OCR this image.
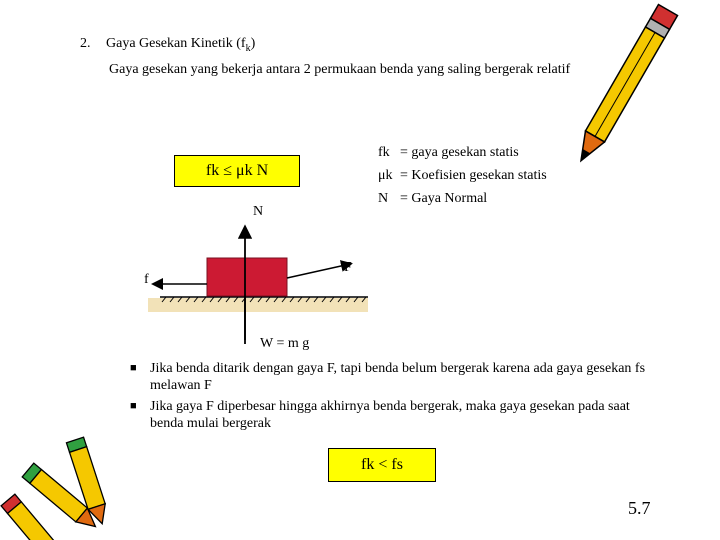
2. Gaya Gesekan Kinetik $(f_k)$
Gaya gesekan yang bekerja antara 2 permukaan benda yang saling bergerak relatif
fk
≤
μk N
fk = gaya gesekan statis
μk = Koefisien gesekan statis
N = Gaya Normal
N
F
f
W = m g
■ Jika benda ditarik dengan gaya F, tapi benda belum bergerak karena ada gaya gesekan fs melawan F
■ Jika gaya F diperbesar hingga akhirnya benda bergerak, maka gaya gesekan pada saat benda mulai bergerak
fk
<
fs
5.7
